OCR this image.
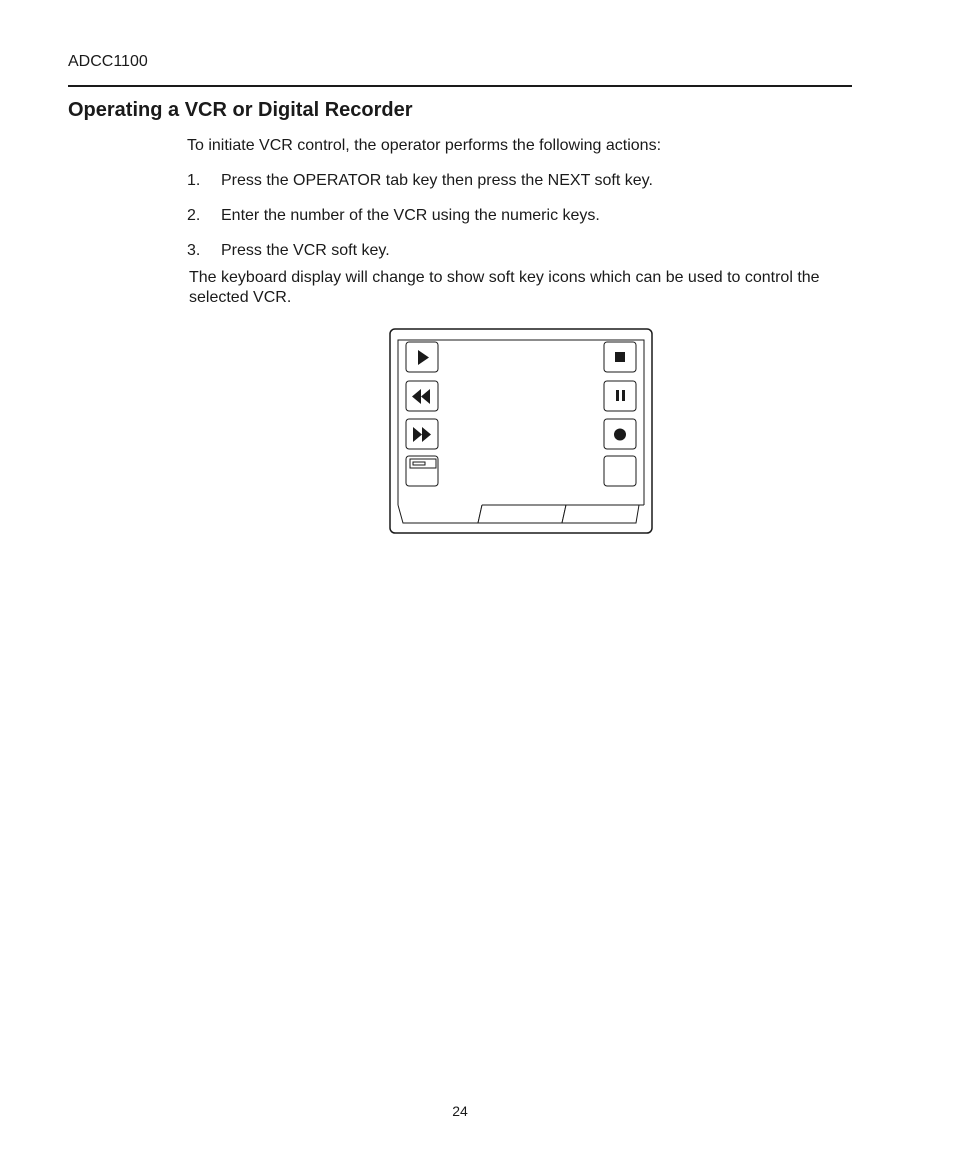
ADCC1100
Operating a VCR or Digital Recorder
To initiate VCR control, the operator performs the following actions:
1. Press the OPERATOR tab key then press the NEXT soft key.
2. Enter the number of the VCR using the numeric keys.
3. Press the VCR soft key.
The keyboard display will change to show soft key icons which can be used to control the selected VCR.
24
